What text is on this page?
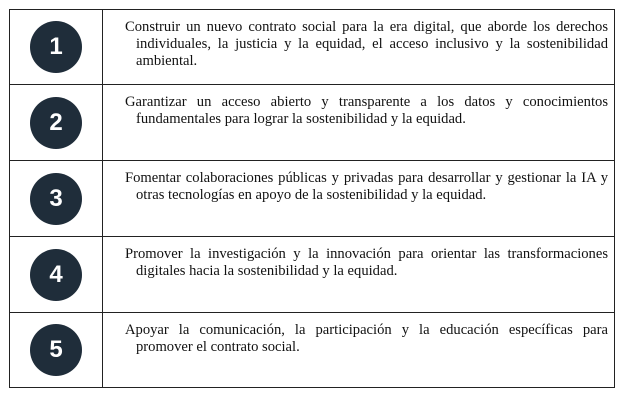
1	Construir un nuevo contrato social para la era digital, que aborde los derechos individuales, la justicia y la equidad, el acceso inclusivo y la sostenibilidad ambiental.

2	Garantizar un acceso abierto y transparente a los datos y conocimientos fundamentales para lograr la sostenibilidad y la equidad.

3	Fomentar colaboraciones públicas y privadas para desarrollar y gestionar la IA y otras tecnologías en apoyo de la sostenibilidad y la equidad.

4	Promover la investigación y la innovación para orientar las transformaciones digitales hacia la sostenibilidad y la equidad.

5	Apoyar la comunicación, la participación y la educación específicas para promover el contrato social.
